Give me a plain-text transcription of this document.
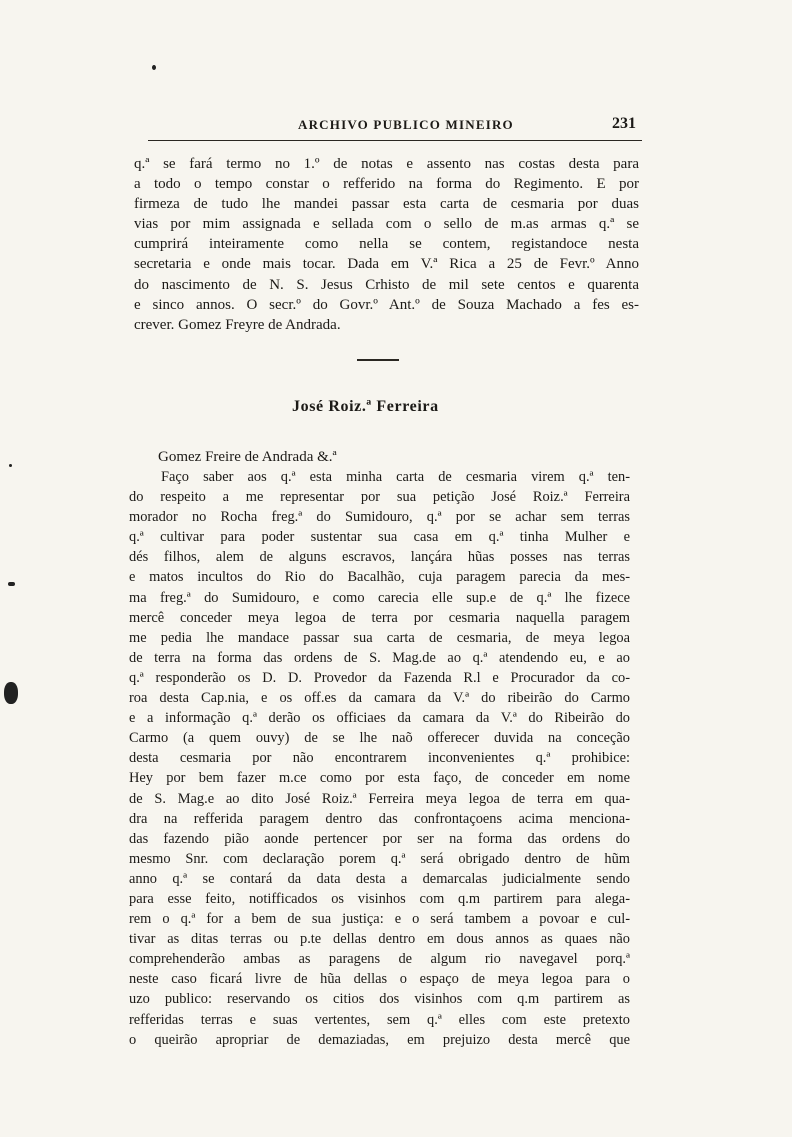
ARCHIVO PUBLICO MINEIRO	231

q.ª se fará termo no 1.º de notas e assento nas costas desta para
a todo o tempo constar o refferido na forma do Regimento. E por
firmeza de tudo lhe mandei passar esta carta de cesmaria por duas
vias por mim assignada e sellada com o sello de m.as armas q.ª se
cumprirá inteiramente como nella se contem, registandoce nesta
secretaria e onde mais tocar. Dada em V.ª Rica a 25 de Fevr.º Anno
do nascimento de N. S. Jesus Crhisto de mil sete centos e quarenta
e sinco annos. O secr.º do Govr.º Ant.º de Souza Machado a fes es-
crever. Gomez Freyre de Andrada.

José Roiz.ª Ferreira
Gomez Freire de Andrada &.ª

Faço saber aos q.ª esta minha carta de cesmaria virem q.ª ten-
do respeito a me representar por sua petição José Roiz.ª Ferreira
morador no Rocha freg.ª do Sumidouro, q.ª por se achar sem terras
q.ª cultivar para poder sustentar sua casa em q.ª tinha Mulher e
dés filhos, alem de alguns escravos, lançára hũas posses nas terras
e matos incultos do Rio do Bacalhão, cuja paragem parecia da mes-
ma freg.ª do Sumidouro, e como carecia elle sup.e de q.ª lhe fizece
mercê conceder meya legoa de terra por cesmaria naquella paragem
me pedia lhe mandace passar sua carta de cesmaria, de meya legoa
de terra na forma das ordens de S. Mag.de ao q.ª atendendo eu, e ao
q.ª responderão os D. D. Provedor da Fazenda R.l e Procurador da co-
roa desta Cap.nia, e os off.es da camara da V.ª do ribeirão do Carmo
e a informação q.ª derão os officiaes da camara da V.ª do Ribeirão do
Carmo (a quem ouvy) de se lhe naõ offerecer duvida na conceção
desta cesmaria por não encontrarem inconvenientes q.ª prohibice:
Hey por bem fazer m.ce como por esta faço, de conceder em nome
de S. Mag.e ao dito José Roiz.ª Ferreira meya legoa de terra em qua-
dra na refferida paragem dentro das confrontaçoens acima menciona-
das fazendo pião aonde pertencer por ser na forma das ordens do
mesmo Snr. com declaração porem q.ª será obrigado dentro de hũm
anno q.ª se contará da data desta a demarcalas judicialmente sendo
para esse feito, notifficados os visinhos com q.m partirem para alega-
rem o q.ª for a bem de sua justiça: e o será tambem a povoar e cul-
tivar as ditas terras ou p.te dellas dentro em dous annos as quaes não
comprehenderão ambas as paragens de algum rio navegavel porq.ª
neste caso ficará livre de hũa dellas o espaço de meya legoa para o
uzo publico: reservando os citios dos visinhos com q.m partirem as
refferidas terras e suas vertentes, sem q.ª elles com este pretexto
o queirão apropriar de demaziadas, em prejuizo desta mercê que
